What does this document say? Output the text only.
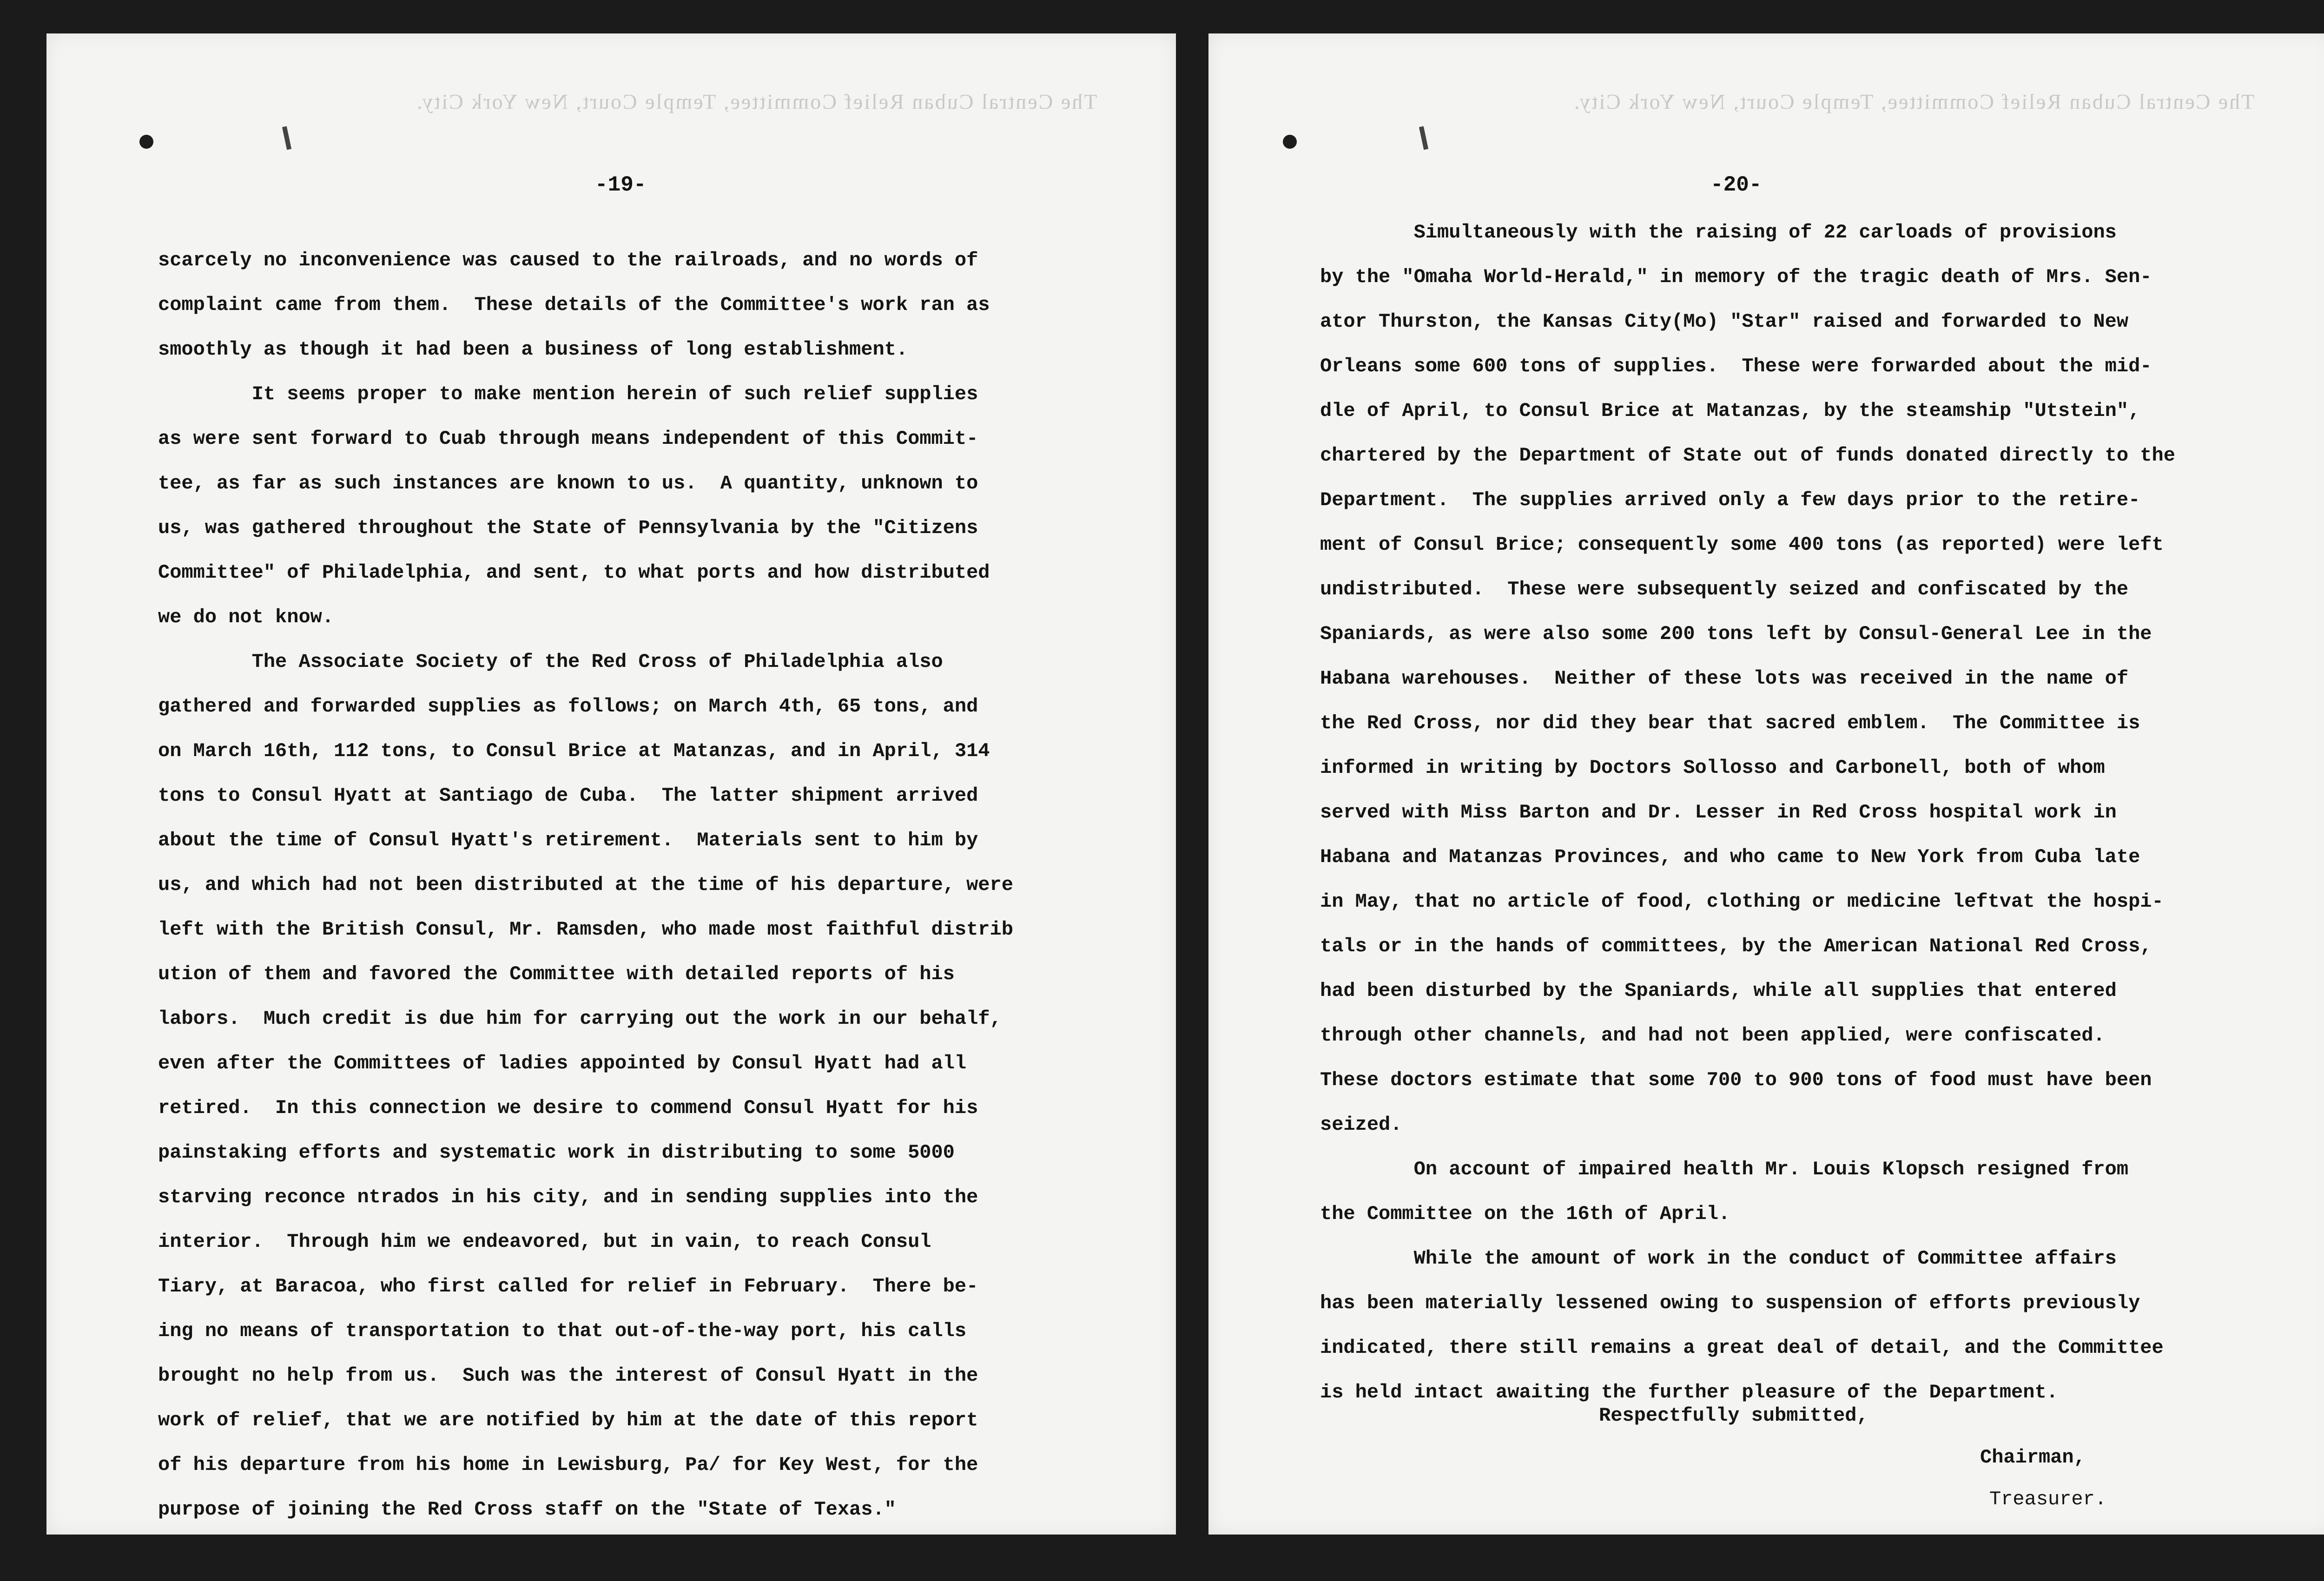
The Central Cuban Relief Committee, Temple Court, New York City.
-19-
scarcely no inconvenience was caused to the railroads, and no words of
complaint came from them.  These details of the Committee's work ran as
smoothly as though it had been a business of long establishment.
It seems proper to make mention herein of such relief supplies
as were sent forward to Cuab through means independent of this Commit-
tee, as far as such instances are known to us.  A quantity, unknown to
us, was gathered throughout the State of Pennsylvania by the "Citizens
Committee" of Philadelphia, and sent, to what ports and how distributed
we do not know.
The Associate Society of the Red Cross of Philadelphia also
gathered and forwarded supplies as follows; on March 4th, 65 tons, and
on March 16th, 112 tons, to Consul Brice at Matanzas, and in April, 314
tons to Consul Hyatt at Santiago de Cuba.  The latter shipment arrived
about the time of Consul Hyatt's retirement.  Materials sent to him by
us, and which had not been distributed at the time of his departure, were
left with the British Consul, Mr. Ramsden, who made most faithful distrib
ution of them and favored the Committee with detailed reports of his
labors.  Much credit is due him for carrying out the work in our behalf,
even after the Committees of ladies appointed by Consul Hyatt had all
retired.  In this connection we desire to commend Consul Hyatt for his
painstaking efforts and systematic work in distributing to some 5000
starving reconce ntrados in his city, and in sending supplies into the
interior.  Through him we endeavored, but in vain, to reach Consul
Tiary, at Baracoa, who first called for relief in February.  There be-
ing no means of transportation to that out-of-the-way port, his calls
brought no help from us.  Such was the interest of Consul Hyatt in the
work of relief, that we are notified by him at the date of this report
of his departure from his home in Lewisburg, Pa/ for Key West, for the
purpose of joining the Red Cross staff on the "State of Texas."
The Central Cuban Relief Committee, Temple Court, New York City.
-20-
Simultaneously with the raising of 22 carloads of provisions
by the "Omaha World-Herald," in memory of the tragic death of Mrs. Sen-
ator Thurston, the Kansas City(Mo) "Star" raised and forwarded to New
Orleans some 600 tons of supplies.  These were forwarded about the mid-
dle of April, to Consul Brice at Matanzas, by the steamship "Utstein",
chartered by the Department of State out of funds donated directly to the
Department.  The supplies arrived only a few days prior to the retire-
ment of Consul Brice; consequently some 400 tons (as reported) were left
undistributed.  These were subsequently seized and confiscated by the
Spaniards, as were also some 200 tons left by Consul-General Lee in the
Habana warehouses.  Neither of these lots was received in the name of
the Red Cross, nor did they bear that sacred emblem.  The Committee is
informed in writing by Doctors Sollosso and Carbonell, both of whom
served with Miss Barton and Dr. Lesser in Red Cross hospital work in
Habana and Matanzas Provinces, and who came to New York from Cuba late
in May, that no article of food, clothing or medicine leftvat the hospi-
tals or in the hands of committees, by the American National Red Cross,
had been disturbed by the Spaniards, while all supplies that entered
through other channels, and had not been applied, were confiscated.
These doctors estimate that some 700 to 900 tons of food must have been
seized.
On account of impaired health Mr. Louis Klopsch resigned from
the Committee on the 16th of April.
While the amount of work in the conduct of Committee affairs
has been materially lessened owing to suspension of efforts previously
indicated, there still remains a great deal of detail, and the Committee
is held intact awaiting the further pleasure of the Department.
Respectfully submitted,
Chairman,
Treasurer.
